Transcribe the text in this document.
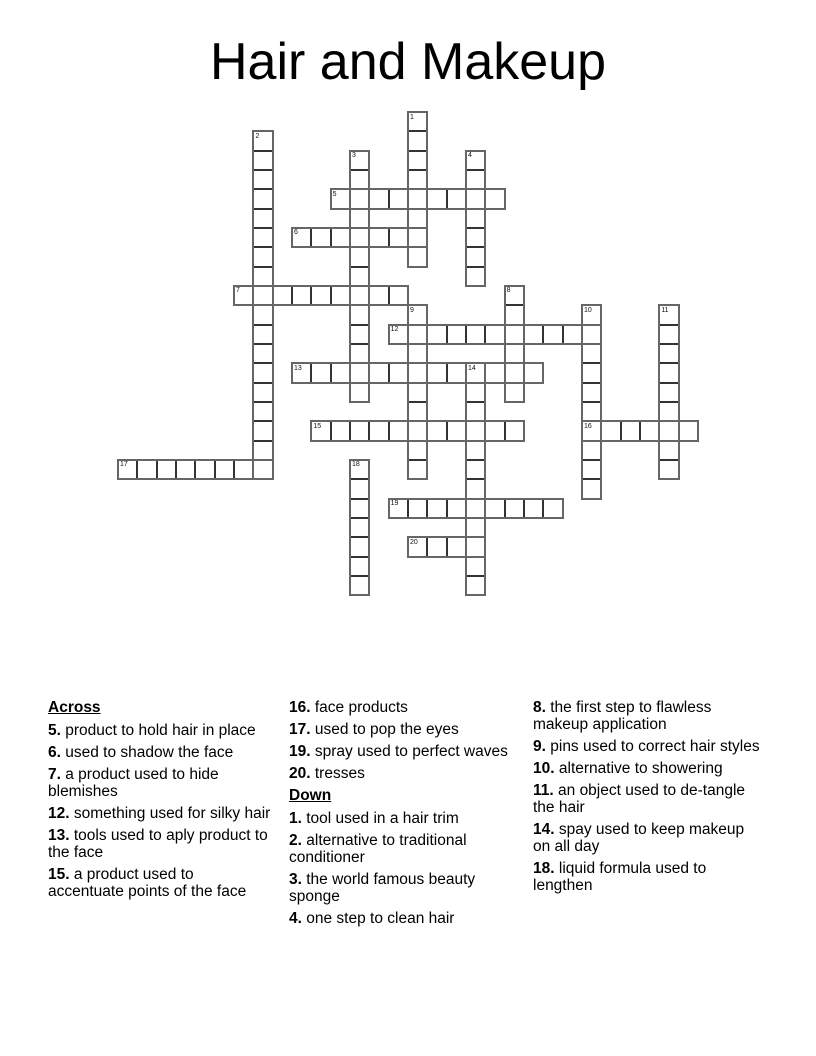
Hair and Makeup
1
2
3	4
5
6
7	8
9	10	11
12
13	14
15	16
17	18
19
20
Across
5. product to hold hair in place
6. used to shadow the face
7. a product used to hide blemishes
12. something used for silky hair
13. tools used to aply product to the face
15. a product used to accentuate points of the face
16. face products
17. used to pop the eyes
19. spray used to perfect waves
20. tresses
Down
1. tool used in a hair trim
2. alternative to traditional conditioner
3. the world famous beauty sponge
4. one step to clean hair
8. the first step to flawless makeup application
9. pins used to correct hair styles
10. alternative to showering
11. an object used to de-tangle the hair
14. spay used to keep makeup on all day
18. liquid formula used to lengthen
